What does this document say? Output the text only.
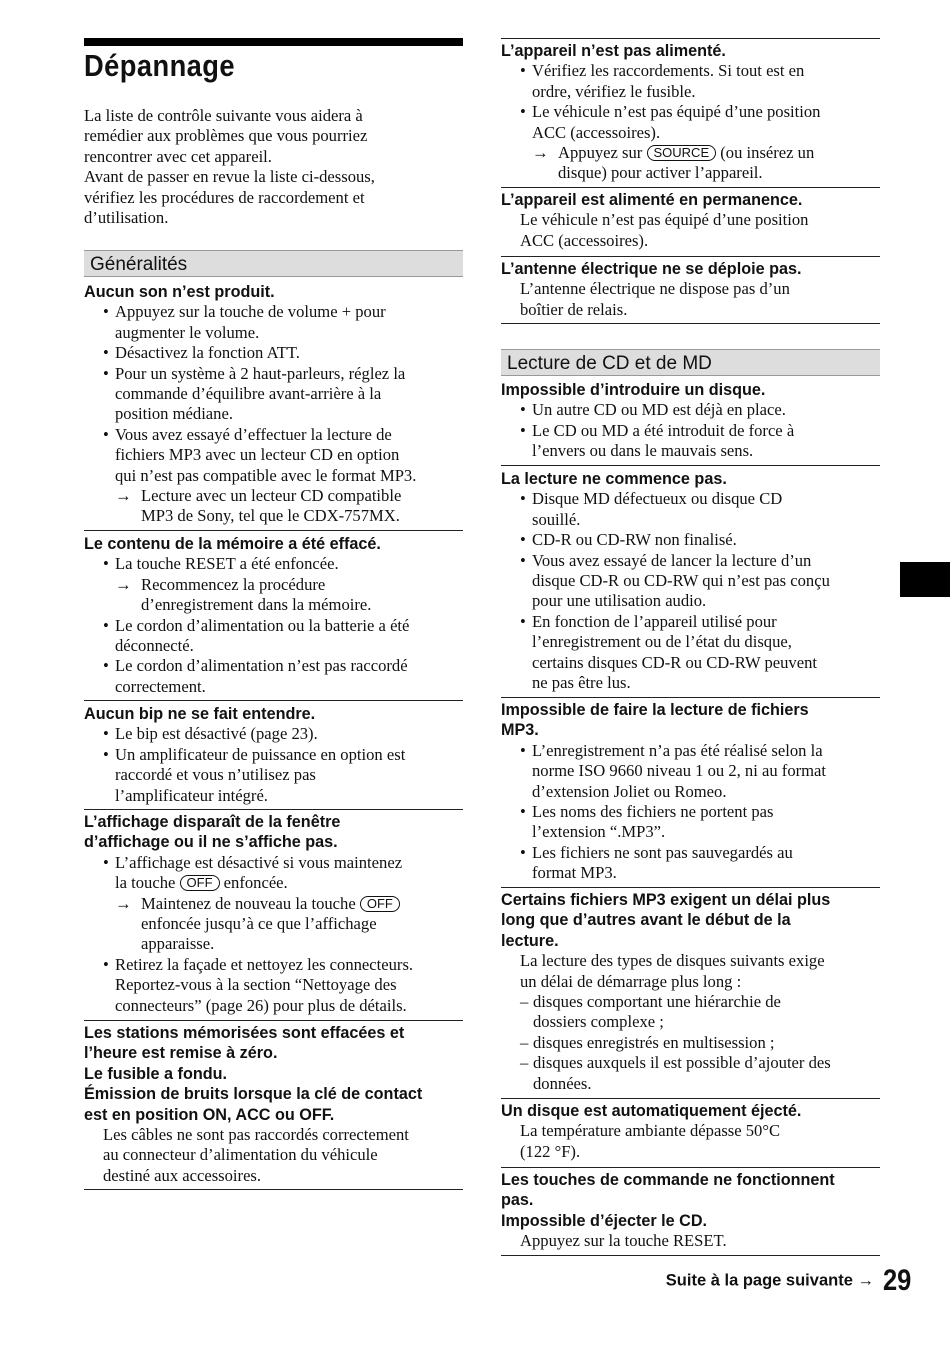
Dépannage
La liste de contrôle suivante vous aidera à
remédier aux problèmes que vous pourriez
rencontrer avec cet appareil.
Avant de passer en revue la liste ci-dessous,
vérifiez les procédures de raccordement et
d’utilisation.
Généralités

Aucun son n’est produit.

• Appuyez sur la touche de volume + pour
augmenter le volume.
• Désactivez la fonction ATT.
• Pour un système à 2 haut-parleurs, réglez la
commande d’équilibre avant-arrière à la
position médiane.
• Vous avez essayé d’effectuer la lecture de
fichiers MP3 avec un lecteur CD en option
qui n’est pas compatible avec le format MP3.
→ Lecture avec un lecteur CD compatible
MP3 de Sony, tel que le CDX-757MX.

Le contenu de la mémoire a été effacé.

• La touche RESET a été enfoncée.
→ Recommencez la procédure
d’enregistrement dans la mémoire.
• Le cordon d’alimentation ou la batterie a été
déconnecté.
• Le cordon d’alimentation n’est pas raccordé
correctement.

Aucun bip ne se fait entendre.

• Le bip est désactivé (page 23).
• Un amplificateur de puissance en option est
raccordé et vous n’utilisez pas
l’amplificateur intégré.

L’affichage disparaît de la fenêtre
d’affichage ou il ne s’affiche pas.

• L’affichage est désactivé si vous maintenez
la touche OFF enfoncée.
→ Maintenez de nouveau la touche OFF
enfoncée jusqu’à ce que l’affichage
apparaisse.
• Retirez la façade et nettoyez les connecteurs.
Reportez-vous à la section “Nettoyage des
connecteurs” (page 26) pour plus de détails.

Les stations mémorisées sont effacées et
l’heure est remise à zéro.
Le fusible a fondu.
Émission de bruits lorsque la clé de contact
est en position ON, ACC ou OFF.

Les câbles ne sont pas raccordés correctement
au connecteur d’alimentation du véhicule
destiné aux accessoires.

L’appareil n’est pas alimenté.

• Vérifiez les raccordements. Si tout est en
ordre, vérifiez le fusible.
• Le véhicule n’est pas équipé d’une position
ACC (accessoires).
→ Appuyez sur SOURCE (ou insérez un
disque) pour activer l’appareil.

L’appareil est alimenté en permanence.

Le véhicule n’est pas équipé d’une position
ACC (accessoires).

L’antenne électrique ne se déploie pas.

L’antenne électrique ne dispose pas d’un
boîtier de relais.
Lecture de CD et de MD

Impossible d’introduire un disque.

• Un autre CD ou MD est déjà en place.
• Le CD ou MD a été introduit de force à
l’envers ou dans le mauvais sens.

La lecture ne commence pas.

• Disque MD défectueux ou disque CD
souillé.
• CD-R ou CD-RW non finalisé.
• Vous avez essayé de lancer la lecture d’un
disque CD-R ou CD-RW qui n’est pas conçu
pour une utilisation audio.
• En fonction de l’appareil utilisé pour
l’enregistrement ou de l’état du disque,
certains disques CD-R ou CD-RW peuvent
ne pas être lus.

Impossible de faire la lecture de fichiers
MP3.

• L’enregistrement n’a pas été réalisé selon la
norme ISO 9660 niveau 1 ou 2, ni au format
d’extension Joliet ou Romeo.
• Les noms des fichiers ne portent pas
l’extension “.MP3”.
• Les fichiers ne sont pas sauvegardés au
format MP3.

Certains fichiers MP3 exigent un délai plus
long que d’autres avant le début de la
lecture.

La lecture des types de disques suivants exige
un délai de démarrage plus long :
– disques comportant une hiérarchie de
dossiers complexe ;
– disques enregistrés en multisession ;
– disques auxquels il est possible d’ajouter des
données.

Un disque est automatiquement éjecté.

La température ambiante dépasse 50°C
(122 °F).

Les touches de commande ne fonctionnent
pas.
Impossible d’éjecter le CD.

Appuyez sur la touche RESET.
Suite à la page suivante → 29
